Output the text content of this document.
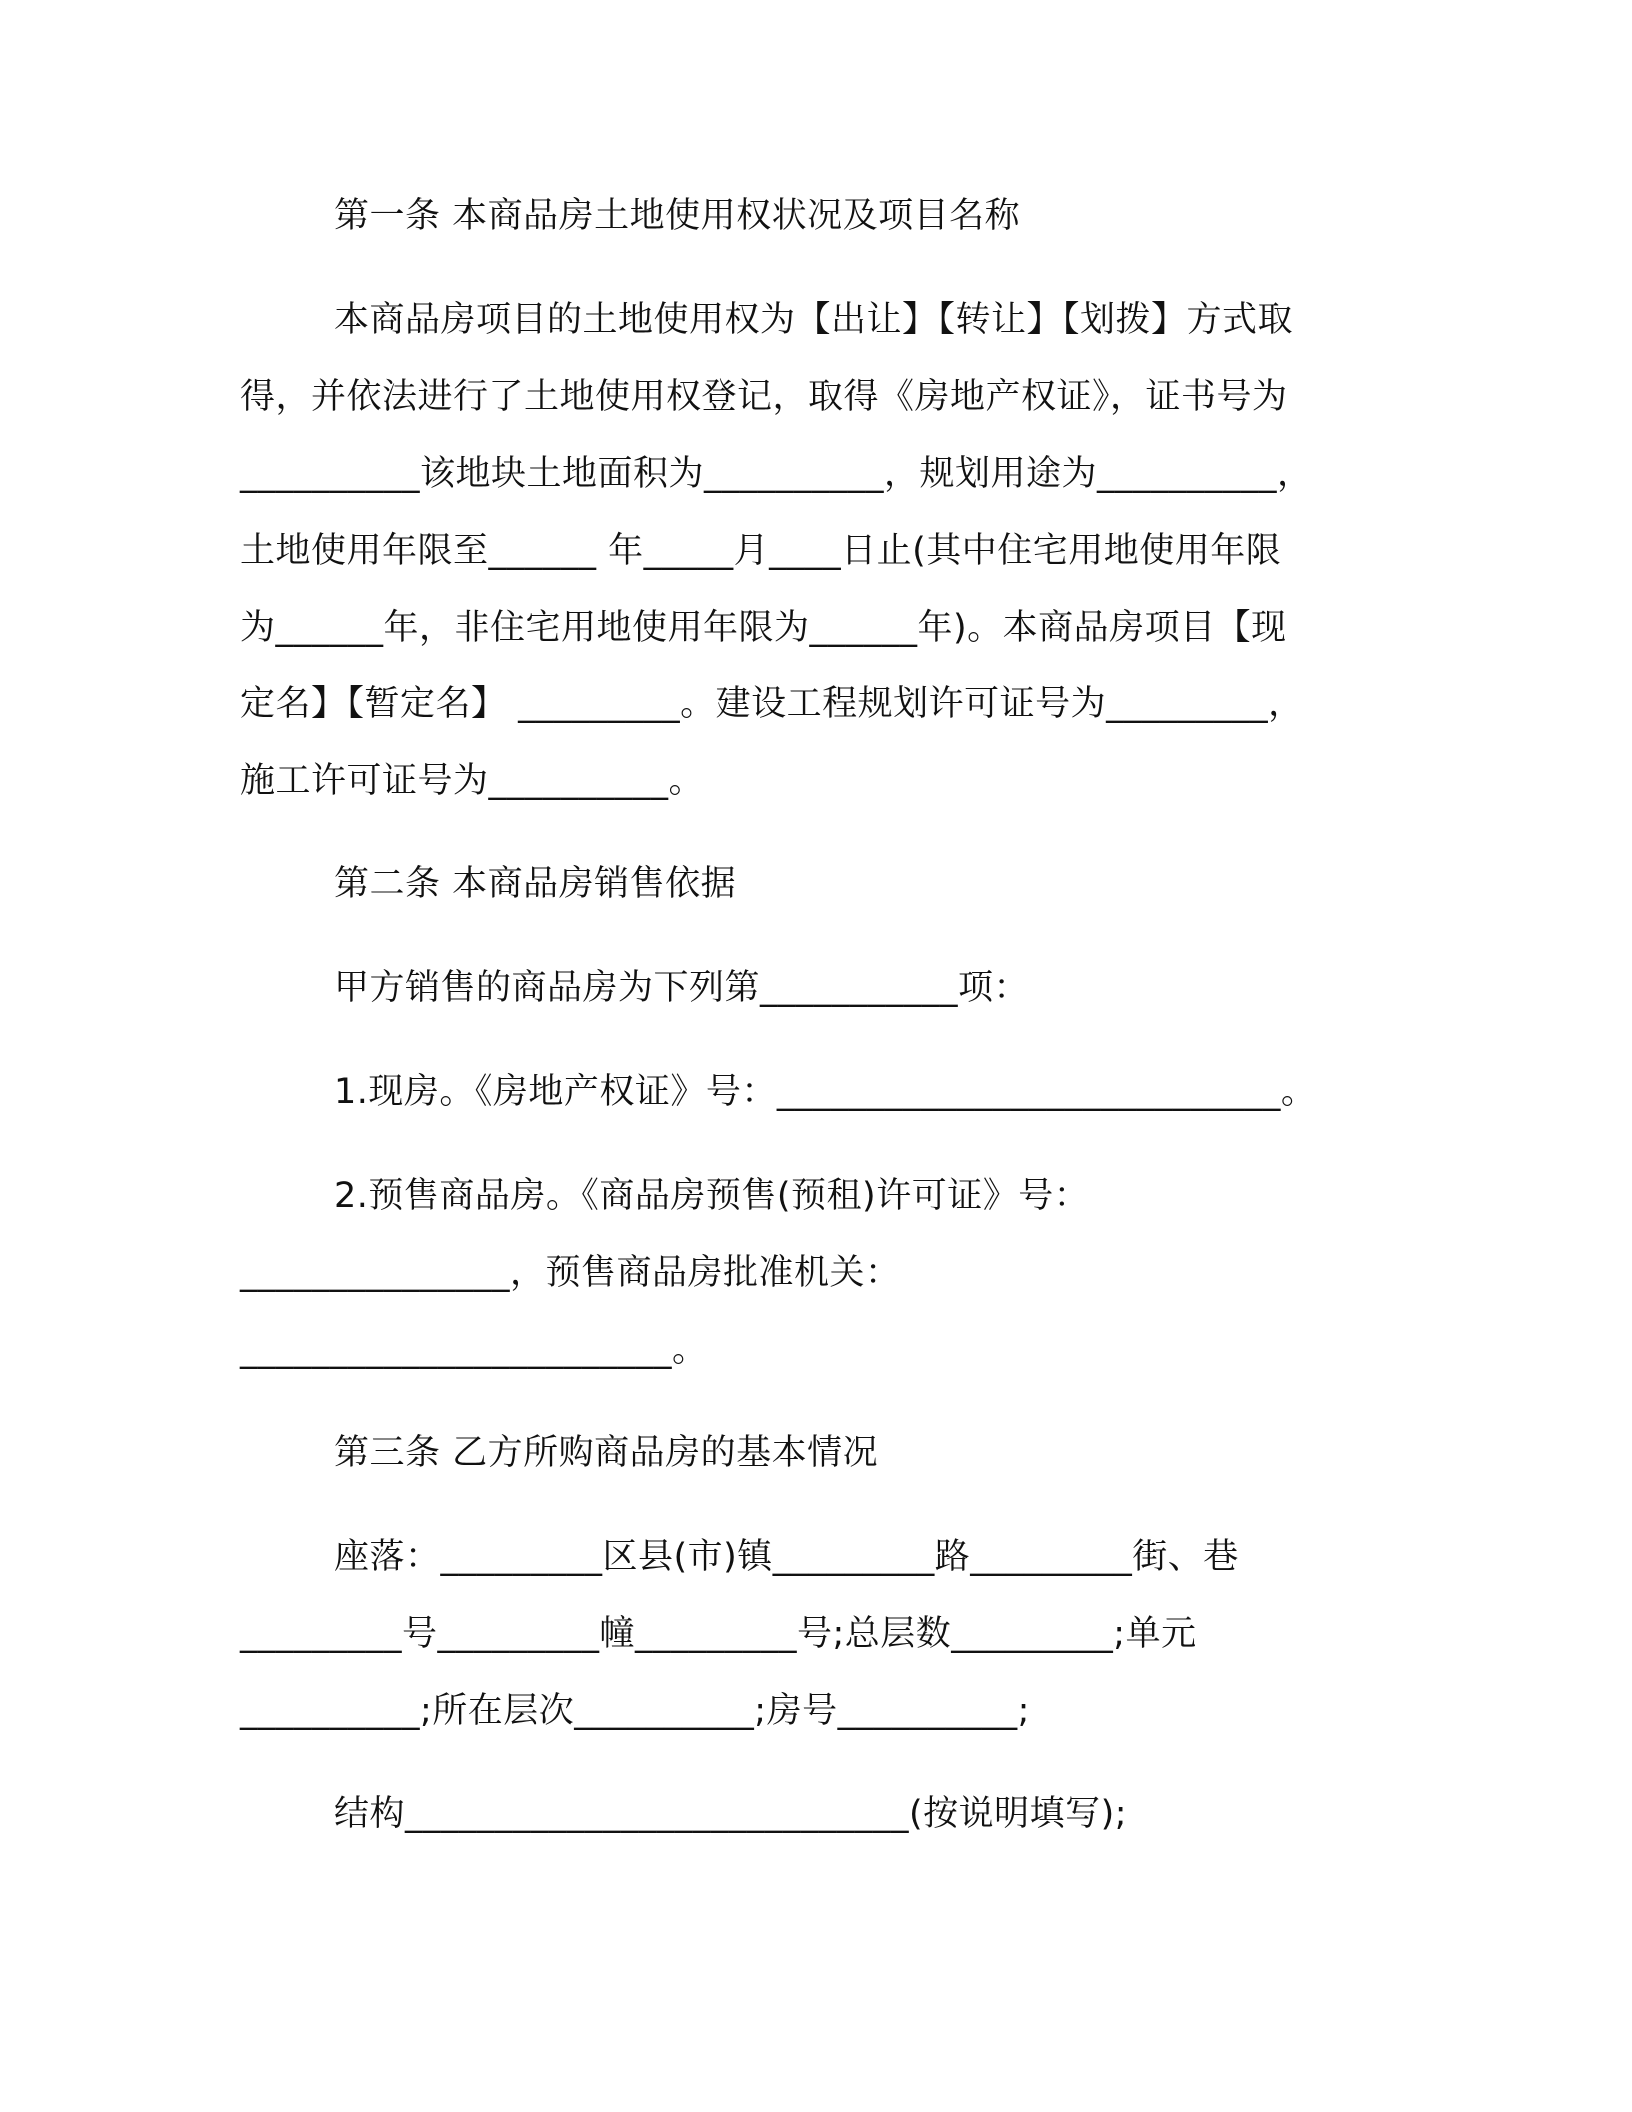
第一条 本商品房土地使用权状况及项目名称
本商品房项目的土地使用权为【出让】【转让】【划拨】方式取
得，并依法进行了土地使用权登记，取得《房地产权证》，证书号为
__________该地块土地面积为__________，规划用途为__________，
土地使用年限至______ 年_____月____日止(其中住宅用地使用年限
为______年，非住宅用地使用年限为______年)。本商品房项目【现
定名】【暂定名】 _________。建设工程规划许可证号为_________，
施工许可证号为__________。
第二条 本商品房销售依据
甲方销售的商品房为下列第___________项：
1.现房。《房地产权证》号：____________________________。
2.预售商品房。《商品房预售(预租)许可证》号：
_______________，预售商品房批准机关：
________________________。
第三条 乙方所购商品房的基本情况
座落：_________区县(市)镇_________路_________街、巷
_________号_________幢_________号;总层数_________;单元
__________;所在层次__________;房号__________;
结构____________________________(按说明填写);
